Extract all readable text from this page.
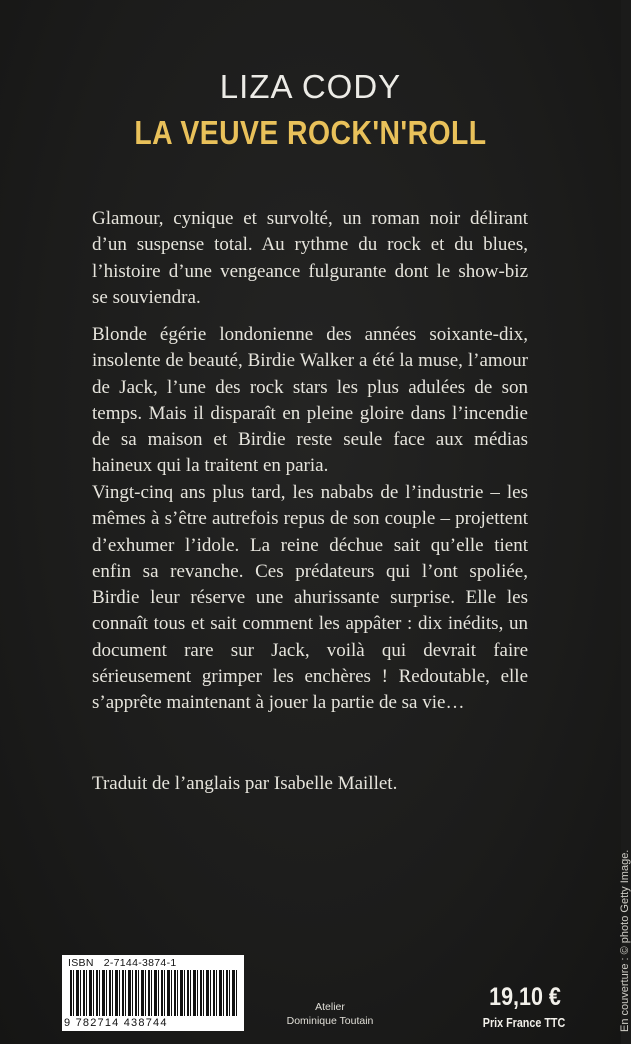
LIZA CODY
LA VEUVE ROCK'N'ROLL

Glamour, cynique et survolté, un roman noir délirant d’un suspense total. Au rythme du rock et du blues, l’histoire d’une vengeance fulgurante dont le show-biz se souviendra.

Blonde égérie londonienne des années soixante-dix, insolente de beauté, Birdie Walker a été la muse, l’amour de Jack, l’une des rock stars les plus adulées de son temps. Mais il disparaît en pleine gloire dans l’incendie de sa maison et Birdie reste seule face aux médias haineux qui la traitent en paria.

Vingt-cinq ans plus tard, les nababs de l’industrie – les mêmes à s’être autrefois repus de son couple – projettent d’exhumer l’idole. La reine déchue sait qu’elle tient enfin sa revanche. Ces prédateurs qui l’ont spoliée, Birdie leur réserve une ahurissante surprise. Elle les connaît tous et sait comment les appâter : dix inédits, un document rare sur Jack, voilà qui devrait faire sérieusement grimper les enchères ! Redoutable, elle s’apprête maintenant à jouer la partie de sa vie…

Traduit de l’anglais par Isabelle Maillet.
En couverture : © photo Getty Image.
ISBN 2-7144-3874-1
9 782714 438744
Atelier
Dominique Toutain
19,10 €
Prix France TTC
